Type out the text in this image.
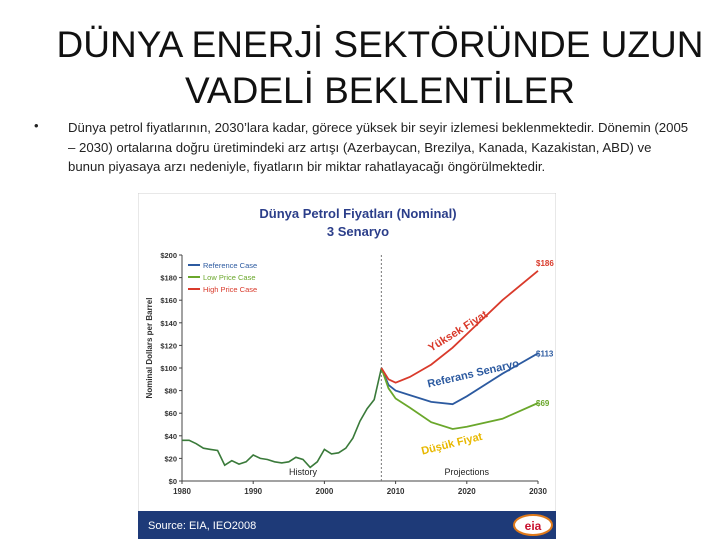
DÜNYA ENERJİ SEKTÖRÜNDE UZUN
VADELİ BEKLENTİLER
• Dünya petrol fiyatlarının, 2030’lara kadar, görece yüksek bir seyir izlemesi beklenmektedir. Dönemin (2005 – 2030) ortalarına doğru üretimindeki arz artışı (Azerbaycan, Brezilya, Kanada, Kazakistan, ABD) ve bunun piyasaya arzı nedeniyle, fiyatların bir miktar rahatlayacağı öngörülmektedir.
Dünya Petrol Fiyatları (Nominal)
3 Senaryo
Nominal Dollars per Barrel
$0
$20
$40
$60
$80
$100
$120
$140
$160
$180
$200
1980	1990	2000	2010	2020	2030
History	Projections
Reference Case
Low Price Case
High Price Case
$186
$113
$69
Yüksek Fiyat
Referans Senaryo
Düşük Fiyat
Source: EIA, IEO2008	eia
